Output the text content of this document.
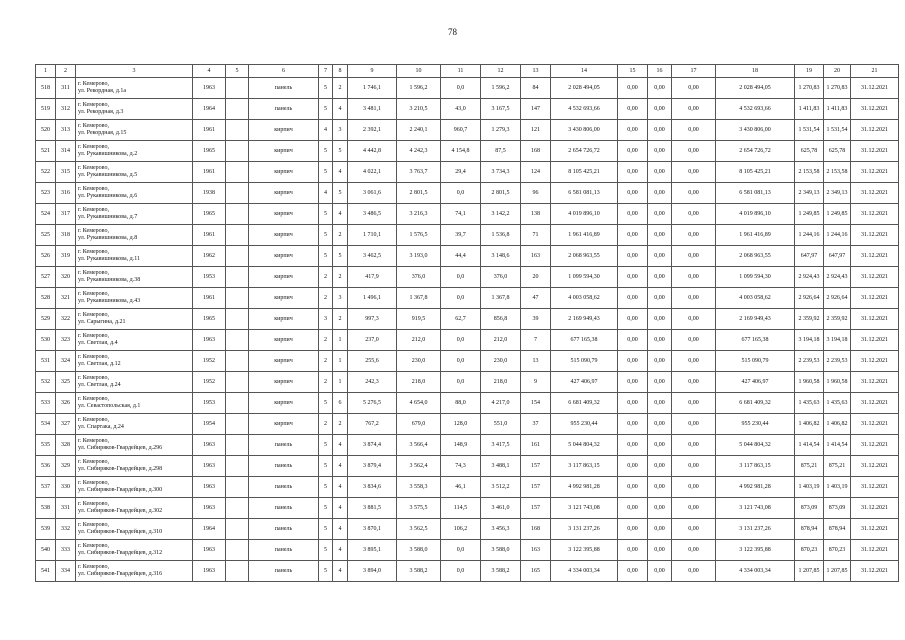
78
1	2	3	4	5	6	7	8	9	10	11	12	13	14	15	16	17	18	19	20	21
518	311	г. Кемерово,
ул. Рекордная, д.1а	1963		панель	5	2	1 746,1	1 596,2	0,0	1 596,2	84	2 028 494,05	0,00	0,00	0,00	2 028 494,05	1 270,83	1 270,83	31.12.2021
519	312	г. Кемерово,
ул. Рекордная, д.3	1964		панель	5	4	3 481,1	3 210,5	43,0	3 167,5	147	4 532 693,66	0,00	0,00	0,00	4 532 693,66	1 411,83	1 411,83	31.12.2021
520	313	г. Кемерово,
ул. Рекордная, д.15	1961		кирпич	4	3	2 392,1	2 240,1	960,7	1 279,3	121	3 430 806,00	0,00	0,00	0,00	3 430 806,00	1 531,54	1 531,54	31.12.2021
521	314	г. Кемерово,
ул. Рукавишникова, д.2	1965		кирпич	5	5	4 442,8	4 242,3	4 154,8	87,5	168	2 654 726,72	0,00	0,00	0,00	2 654 726,72	625,78	625,78	31.12.2021
522	315	г. Кемерово,
ул. Рукавишникова, д.5	1961		кирпич	5	4	4 022,1	3 763,7	29,4	3 734,3	124	8 105 425,21	0,00	0,00	0,00	8 105 425,21	2 153,58	2 153,58	31.12.2021
523	316	г. Кемерово,
ул. Рукавишникова, д.6	1938		кирпич	4	5	3 061,6	2 801,5	0,0	2 801,5	96	6 581 081,13	0,00	0,00	0,00	6 581 081,13	2 349,13	2 349,13	31.12.2021
524	317	г. Кемерово,
ул. Рукавишникова, д.7	1965		кирпич	5	4	3 486,5	3 216,3	74,1	3 142,2	138	4 019 896,10	0,00	0,00	0,00	4 019 896,10	1 249,85	1 249,85	31.12.2021
525	318	г. Кемерово,
ул. Рукавишникова, д.8	1961		кирпич	5	2	1 710,1	1 576,5	39,7	1 536,8	71	1 961 416,89	0,00	0,00	0,00	1 961 416,89	1 244,16	1 244,16	31.12.2021
526	319	г. Кемерово,
ул. Рукавишникова, д.11	1962		кирпич	5	5	3 462,5	3 193,0	44,4	3 148,6	163	2 068 963,55	0,00	0,00	0,00	2 068 963,55	647,97	647,97	31.12.2021
527	320	г. Кемерово,
ул. Рукавишникова, д.38	1953		кирпич	2	2	417,9	376,0	0,0	376,0	20	1 099 594,30	0,00	0,00	0,00	1 099 594,30	2 924,43	2 924,43	31.12.2021
528	321	г. Кемерово,
ул. Рукавишникова, д.43	1961		кирпич	2	3	1 496,1	1 367,8	0,0	1 367,8	47	4 003 058,62	0,00	0,00	0,00	4 003 058,62	2 926,64	2 926,64	31.12.2021
529	322	г. Кемерово,
ул. Сарыгина, д.21	1965		кирпич	3	2	997,3	919,5	62,7	856,8	39	2 169 949,43	0,00	0,00	0,00	2 169 949,43	2 359,92	2 359,92	31.12.2021
530	323	г. Кемерово,
ул. Светлая, д.4	1963		кирпич	2	1	237,0	212,0	0,0	212,0	7	677 165,38	0,00	0,00	0,00	677 165,38	3 194,18	3 194,18	31.12.2021
531	324	г. Кемерово,
ул. Светлая, д.12	1952		кирпич	2	1	255,6	230,0	0,0	230,0	13	515 090,79	0,00	0,00	0,00	515 090,79	2 239,53	2 239,53	31.12.2021
532	325	г. Кемерово,
ул. Светлая, д.24	1952		кирпич	2	1	242,3	218,0	0,0	218,0	9	427 406,97	0,00	0,00	0,00	427 406,97	1 960,58	1 960,58	31.12.2021
533	326	г. Кемерово,
ул. Севастопольская, д.1	1953		кирпич	5	6	5 276,5	4 654,0	88,0	4 217,0	154	6 681 409,32	0,00	0,00	0,00	6 681 409,32	1 435,63	1 435,63	31.12.2021
534	327	г. Кемерово,
ул. Спартака, д.24	1954		кирпич	2	2	767,2	679,0	128,0	551,0	37	955 230,44	0,00	0,00	0,00	955 230,44	1 406,82	1 406,82	31.12.2021
535	328	г. Кемерово,
ул. Сибиряков-Гвардейцев, д.296	1963		панель	5	4	3 874,4	3 566,4	148,9	3 417,5	161	5 044 804,32	0,00	0,00	0,00	5 044 804,32	1 414,54	1 414,54	31.12.2021
536	329	г. Кемерово,
ул. Сибиряков-Гвардейцев, д.298	1963		панель	5	4	3 879,4	3 562,4	74,3	3 488,1	157	3 117 863,15	0,00	0,00	0,00	3 117 863,15	875,21	875,21	31.12.2021
537	330	г. Кемерово,
ул. Сибиряков-Гвардейцев, д.300	1963		панель	5	4	3 834,6	3 558,3	46,1	3 512,2	157	4 992 981,28	0,00	0,00	0,00	4 992 981,28	1 403,19	1 403,19	31.12.2021
538	331	г. Кемерово,
ул. Сибиряков-Гвардейцев, д.302	1963		панель	5	4	3 881,5	3 575,5	114,5	3 461,0	157	3 121 743,08	0,00	0,00	0,00	3 121 743,08	873,09	873,09	31.12.2021
539	332	г. Кемерово,
ул. Сибиряков-Гвардейцев, д.310	1964		панель	5	4	3 870,1	3 562,5	106,2	3 456,3	168	3 131 237,26	0,00	0,00	0,00	3 131 237,26	878,94	878,94	31.12.2021
540	333	г. Кемерово,
ул. Сибиряков-Гвардейцев, д.312	1963		панель	5	4	3 895,1	3 588,0	0,0	3 588,0	163	3 122 395,88	0,00	0,00	0,00	3 122 395,88	870,23	870,23	31.12.2021
541	334	г. Кемерово,
ул. Сибиряков-Гвардейцев, д.316	1963		панель	5	4	3 894,0	3 588,2	0,0	3 588,2	165	4 334 003,34	0,00	0,00	0,00	4 334 003,34	1 207,85	1 207,85	31.12.2021
